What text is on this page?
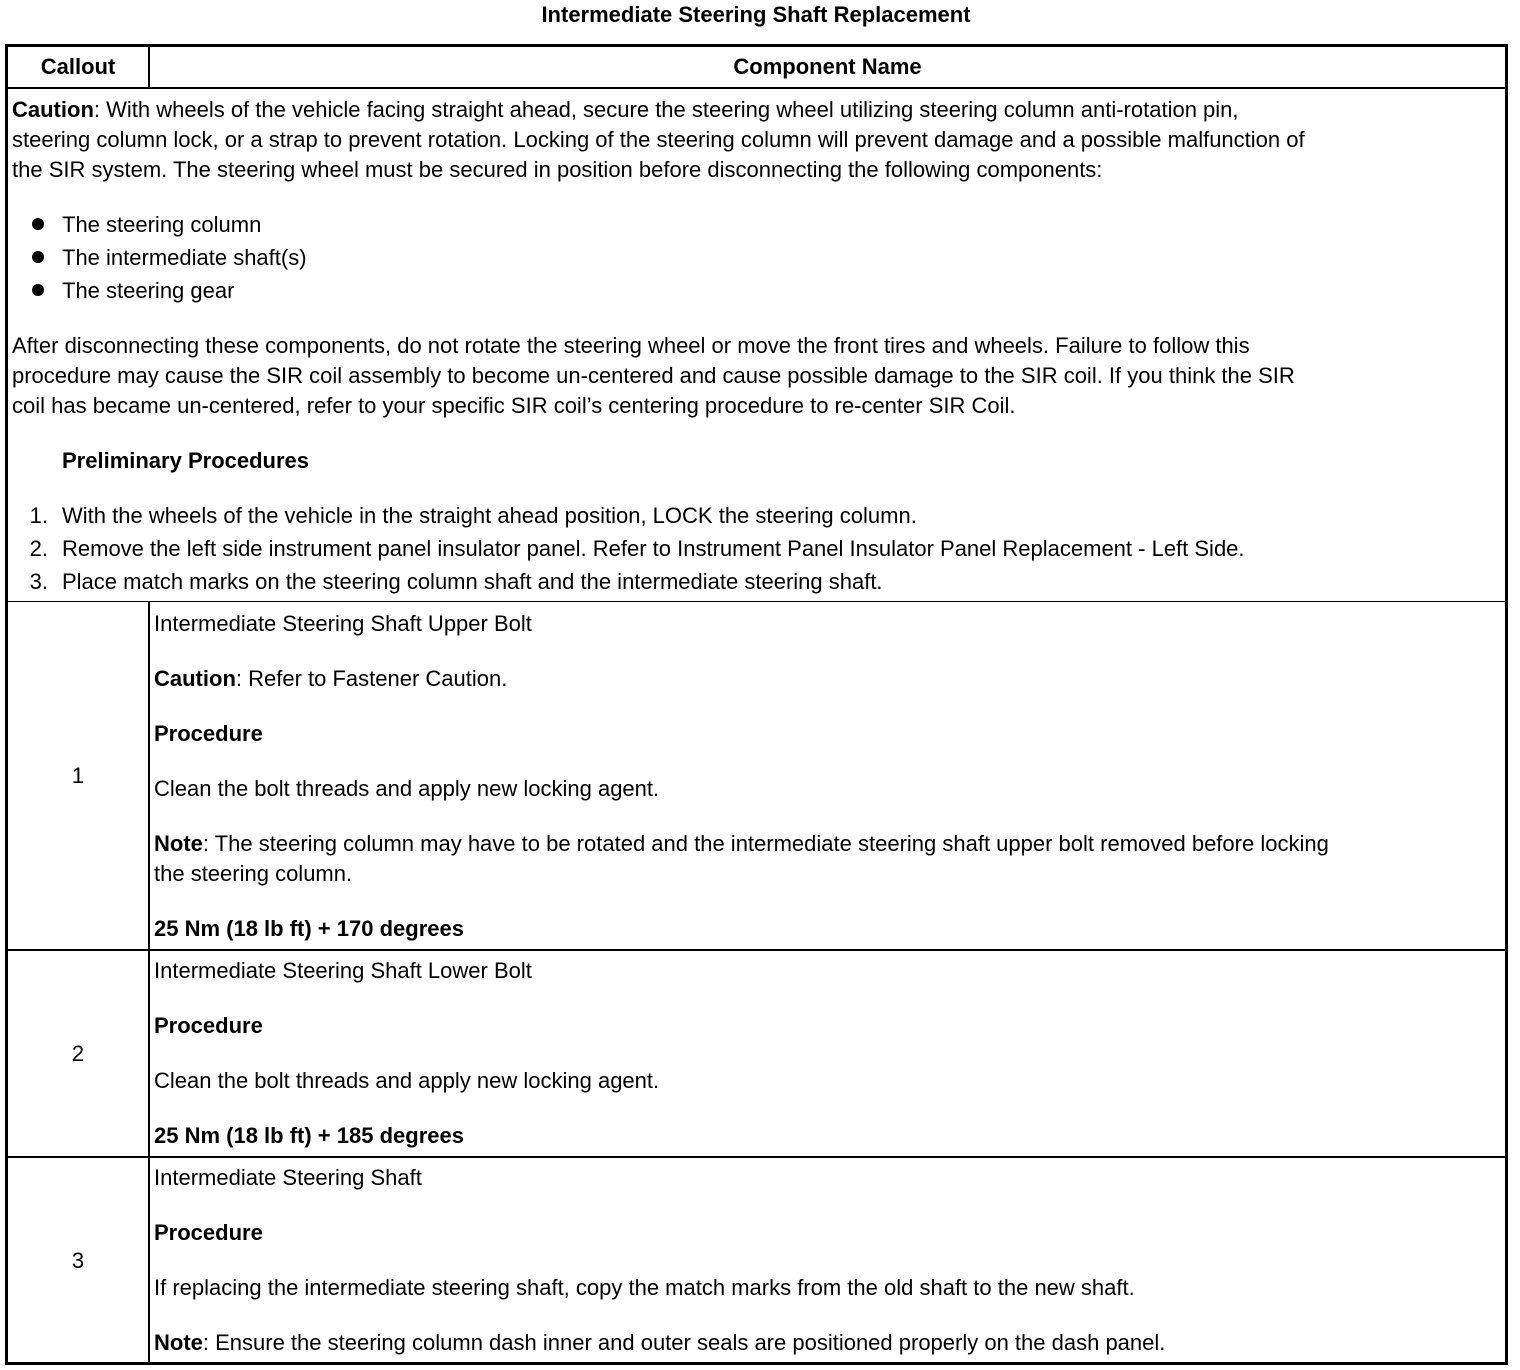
Intermediate Steering Shaft Replacement
Callout	Component Name
Caution: With wheels of the vehicle facing straight ahead, secure the steering wheel utilizing steering column anti-rotation pin,
steering column lock, or a strap to prevent rotation. Locking of the steering column will prevent damage and a possible malfunction of
the SIR system. The steering wheel must be secured in position before disconnecting the following components:
The steering column
The intermediate shaft(s)
The steering gear
After disconnecting these components, do not rotate the steering wheel or move the front tires and wheels. Failure to follow this
procedure may cause the SIR coil assembly to become un-centered and cause possible damage to the SIR coil. If you think the SIR
coil has became un-centered, refer to your specific SIR coil’s centering procedure to re-center SIR Coil.
Preliminary Procedures
1. With the wheels of the vehicle in the straight ahead position, LOCK the steering column.
2. Remove the left side instrument panel insulator panel. Refer to Instrument Panel Insulator Panel Replacement - Left Side.
3. Place match marks on the steering column shaft and the intermediate steering shaft.
1
Intermediate Steering Shaft Upper Bolt
Caution: Refer to Fastener Caution.
Procedure
Clean the bolt threads and apply new locking agent.
Note: The steering column may have to be rotated and the intermediate steering shaft upper bolt removed before locking
the steering column.
25 Nm (18 lb ft) + 170 degrees
2
Intermediate Steering Shaft Lower Bolt
Procedure
Clean the bolt threads and apply new locking agent.
25 Nm (18 lb ft) + 185 degrees
3
Intermediate Steering Shaft
Procedure
If replacing the intermediate steering shaft, copy the match marks from the old shaft to the new shaft.
Note: Ensure the steering column dash inner and outer seals are positioned properly on the dash panel.
